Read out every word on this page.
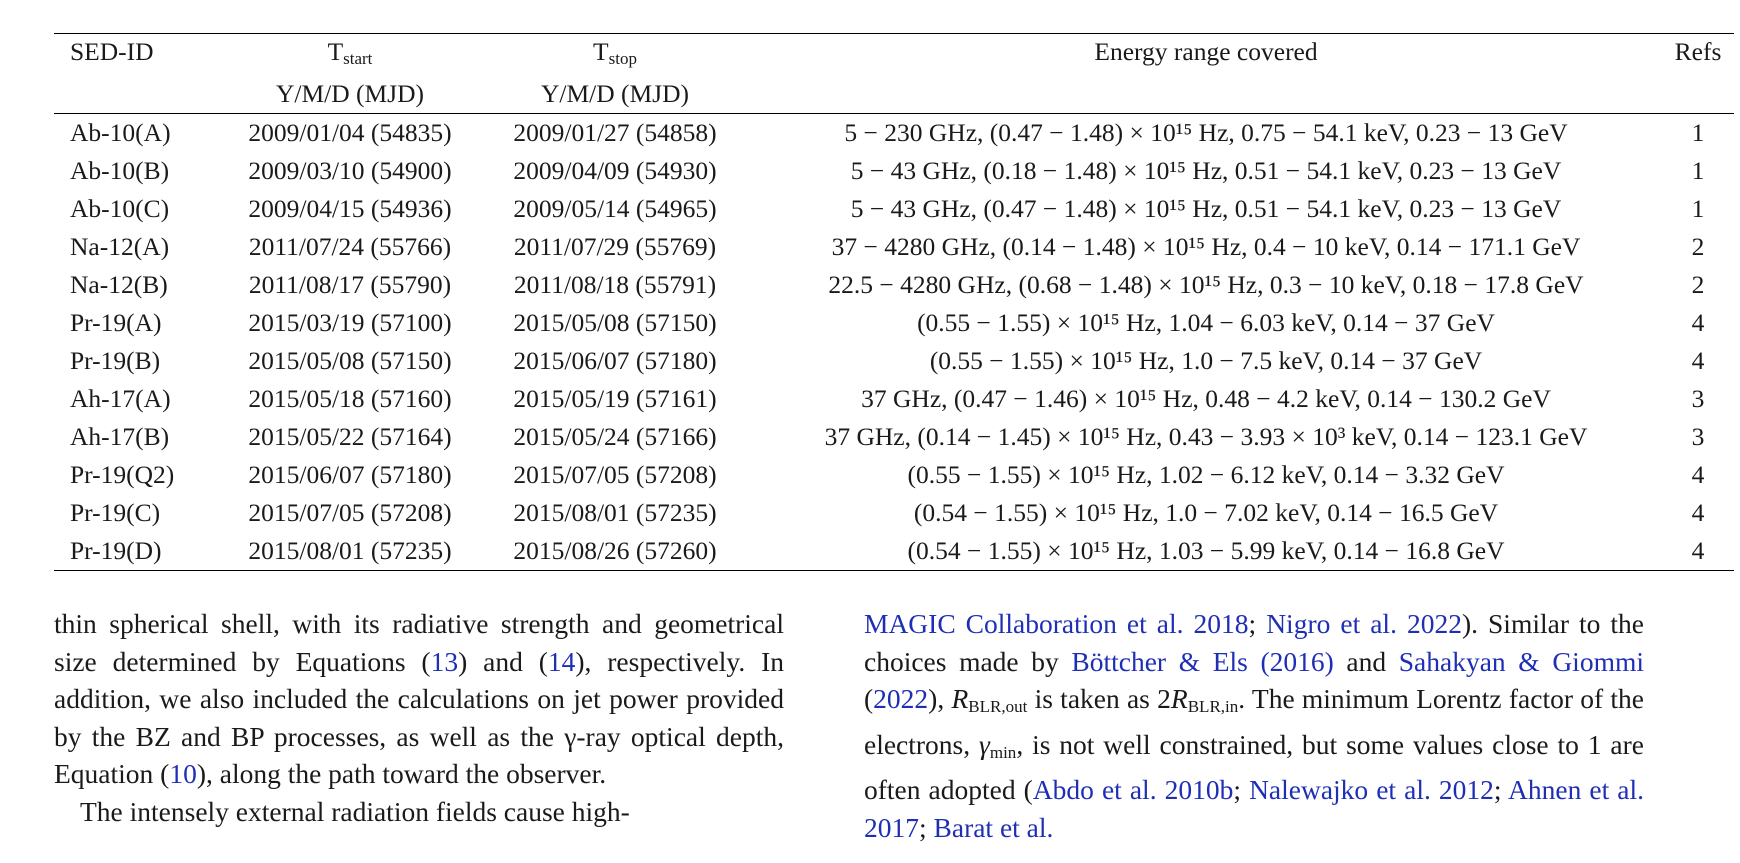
SED-ID	$T_{start}$	$T_{stop}$	Energy range covered	Refs
	Y/M/D (MJD)	Y/M/D (MJD)		
Ab-10(A)	2009/01/04 (54835)	2009/01/27 (54858)	5 − 230 GHz, (0.47 − 1.48) × 10¹⁵ Hz, 0.75 − 54.1 keV, 0.23 − 13 GeV	1
Ab-10(B)	2009/03/10 (54900)	2009/04/09 (54930)	5 − 43 GHz, (0.18 − 1.48) × 10¹⁵ Hz, 0.51 − 54.1 keV, 0.23 − 13 GeV	1
Ab-10(C)	2009/04/15 (54936)	2009/05/14 (54965)	5 − 43 GHz, (0.47 − 1.48) × 10¹⁵ Hz, 0.51 − 54.1 keV, 0.23 − 13 GeV	1
Na-12(A)	2011/07/24 (55766)	2011/07/29 (55769)	37 − 4280 GHz, (0.14 − 1.48) × 10¹⁵ Hz, 0.4 − 10 keV, 0.14 − 171.1 GeV	2
Na-12(B)	2011/08/17 (55790)	2011/08/18 (55791)	22.5 − 4280 GHz, (0.68 − 1.48) × 10¹⁵ Hz, 0.3 − 10 keV, 0.18 − 17.8 GeV	2
Pr-19(A)	2015/03/19 (57100)	2015/05/08 (57150)	(0.55 − 1.55) × 10¹⁵ Hz, 1.04 − 6.03 keV, 0.14 − 37 GeV	4
Pr-19(B)	2015/05/08 (57150)	2015/06/07 (57180)	(0.55 − 1.55) × 10¹⁵ Hz, 1.0 − 7.5 keV, 0.14 − 37 GeV	4
Ah-17(A)	2015/05/18 (57160)	2015/05/19 (57161)	37 GHz, (0.47 − 1.46) × 10¹⁵ Hz, 0.48 − 4.2 keV, 0.14 − 130.2 GeV	3
Ah-17(B)	2015/05/22 (57164)	2015/05/24 (57166)	37 GHz, (0.14 − 1.45) × 10¹⁵ Hz, 0.43 − 3.93 × 10³ keV, 0.14 − 123.1 GeV	3
Pr-19(Q2)	2015/06/07 (57180)	2015/07/05 (57208)	(0.55 − 1.55) × 10¹⁵ Hz, 1.02 − 6.12 keV, 0.14 − 3.32 GeV	4
Pr-19(C)	2015/07/05 (57208)	2015/08/01 (57235)	(0.54 − 1.55) × 10¹⁵ Hz, 1.0 − 7.02 keV, 0.14 − 16.5 GeV	4
Pr-19(D)	2015/08/01 (57235)	2015/08/26 (57260)	(0.54 − 1.55) × 10¹⁵ Hz, 1.03 − 5.99 keV, 0.14 − 16.8 GeV	4

thin spherical shell, with its radiative strength and geometrical size determined by Equations (13) and (14), respectively. In addition, we also included the calculations on jet power provided by the BZ and BP processes, as well as the γ-ray optical depth, Equation (10), along the path toward the observer.

The intensely external radiation fields cause high-

MAGIC Collaboration et al. 2018; Nigro et al. 2022). Similar to the choices made by Böttcher & Els (2016) and Sahakyan & Giommi (2022), $R_{BLR,out}$ is taken as $2R_{BLR,in}$. The minimum Lorentz factor of the electrons, $\gamma_{min}$, is not well constrained, but some values close to 1 are often adopted (Abdo et al. 2010b; Nalewajko et al. 2012; Ahnen et al. 2017; Barat et al.
